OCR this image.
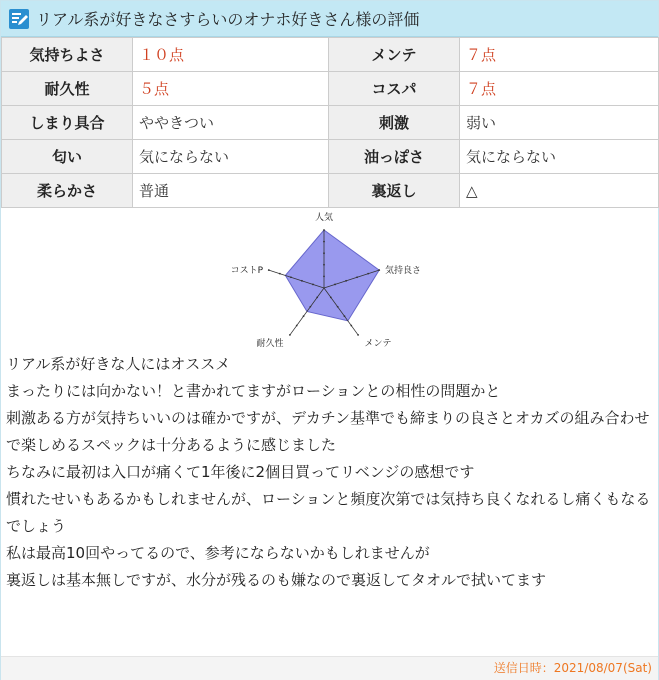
リアル系が好きなさすらいのオナホ好きさん様の評価
気持ちよさ	１０点	メンテ	７点
耐久性	５点	コスパ	７点
しまり具合	ややきつい	刺激	弱い
匂い	気にならない	油っぽさ	気にならない
柔らかさ	普通	裏返し	△
人気
気持良さ
メンテ
耐久性
コストP

リアル系が好きな人にはオススメ

まったりには向かない！と書かれてますがローションとの相性の問題かと

刺激ある方が気持ちいいのは確かですが、デカチン基準でも締まりの良さとオカズの組み合わせで楽しめるスペックは十分あるように感じました

ちなみに最初は入口が痛くて1年後に2個目買ってリベンジの感想です

慣れたせいもあるかもしれませんが、ローションと頻度次第では気持ち良くなれるし痛くもなるでしょう

私は最高10回やってるので、参考にならないかもしれませんが

裏返しは基本無しですが、水分が残るのも嫌なので裏返してタオルで拭いてます

送信日時：2021/08/07(Sat)
